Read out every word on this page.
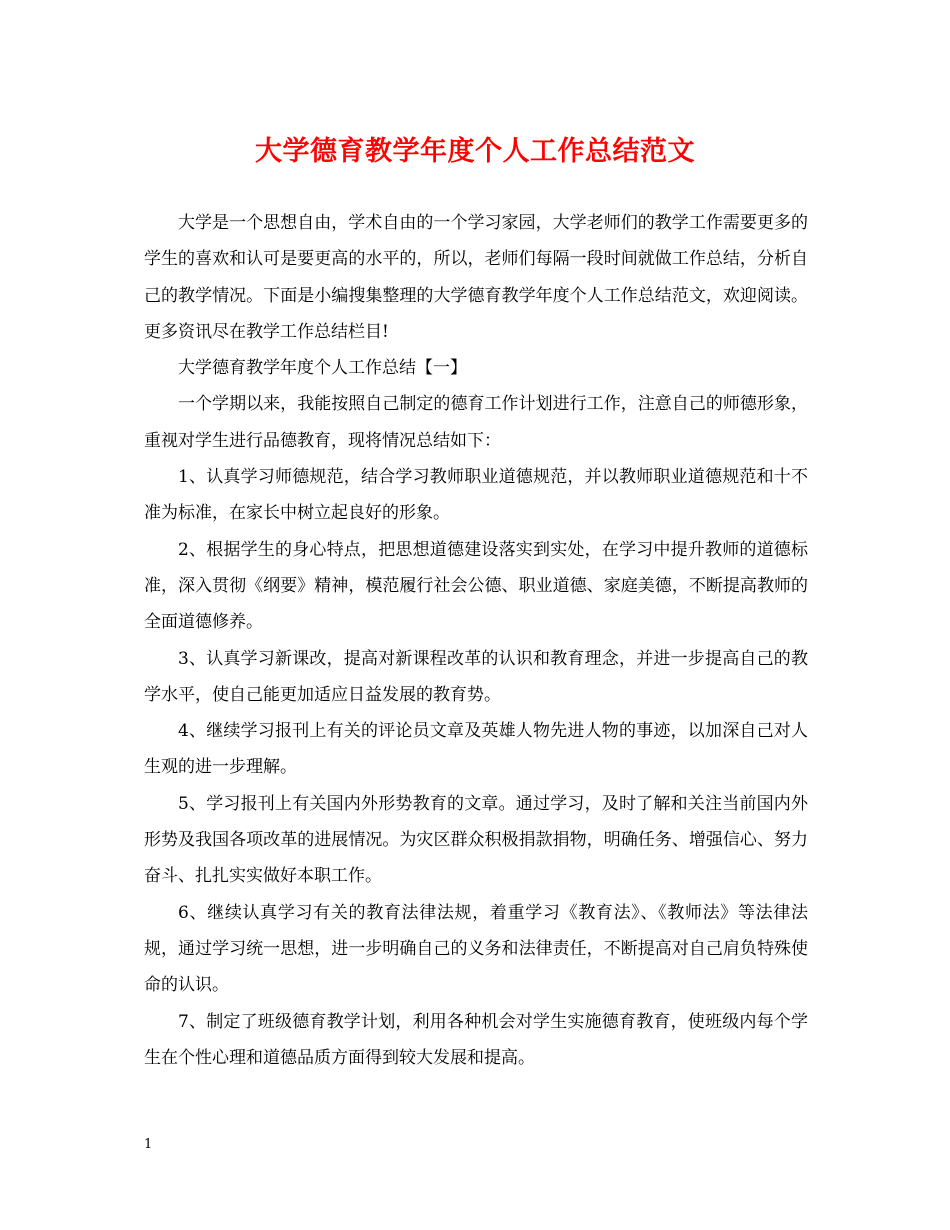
大学德育教学年度个人工作总结范文

大学是一个思想自由，学术自由的一个学习家园，大学老师们的教学工作需要更多的学生的喜欢和认可是要更高的水平的，所以，老师们每隔一段时间就做工作总结，分析自己的教学情况。下面是小编搜集整理的大学德育教学年度个人工作总结范文，欢迎阅读。更多资讯尽在教学工作总结栏目!

大学德育教学年度个人工作总结【一】

一个学期以来，我能按照自己制定的德育工作计划进行工作，注意自己的师德形象，重视对学生进行品德教育，现将情况总结如下：

1、认真学习师德规范，结合学习教师职业道德规范，并以教师职业道德规范和十不准为标准，在家长中树立起良好的形象。

2、根据学生的身心特点，把思想道德建设落实到实处，在学习中提升教师的道德标准，深入贯彻《纲要》精神，模范履行社会公德、职业道德、家庭美德，不断提高教师的全面道德修养。

3、认真学习新课改，提高对新课程改革的认识和教育理念，并进一步提高自己的教学水平，使自己能更加适应日益发展的教育势。

4、继续学习报刊上有关的评论员文章及英雄人物先进人物的事迹，以加深自己对人生观的进一步理解。

5、学习报刊上有关国内外形势教育的文章。通过学习，及时了解和关注当前国内外形势及我国各项改革的进展情况。为灾区群众积极捐款捐物，明确任务、增强信心、努力奋斗、扎扎实实做好本职工作。

6、继续认真学习有关的教育法律法规，着重学习《教育法》、《教师法》等法律法规，通过学习统一思想，进一步明确自己的义务和法律责任，不断提高对自己肩负特殊使命的认识。

7、制定了班级德育教学计划，利用各种机会对学生实施德育教育，使班级内每个学生在个性心理和道德品质方面得到较大发展和提高。

1
